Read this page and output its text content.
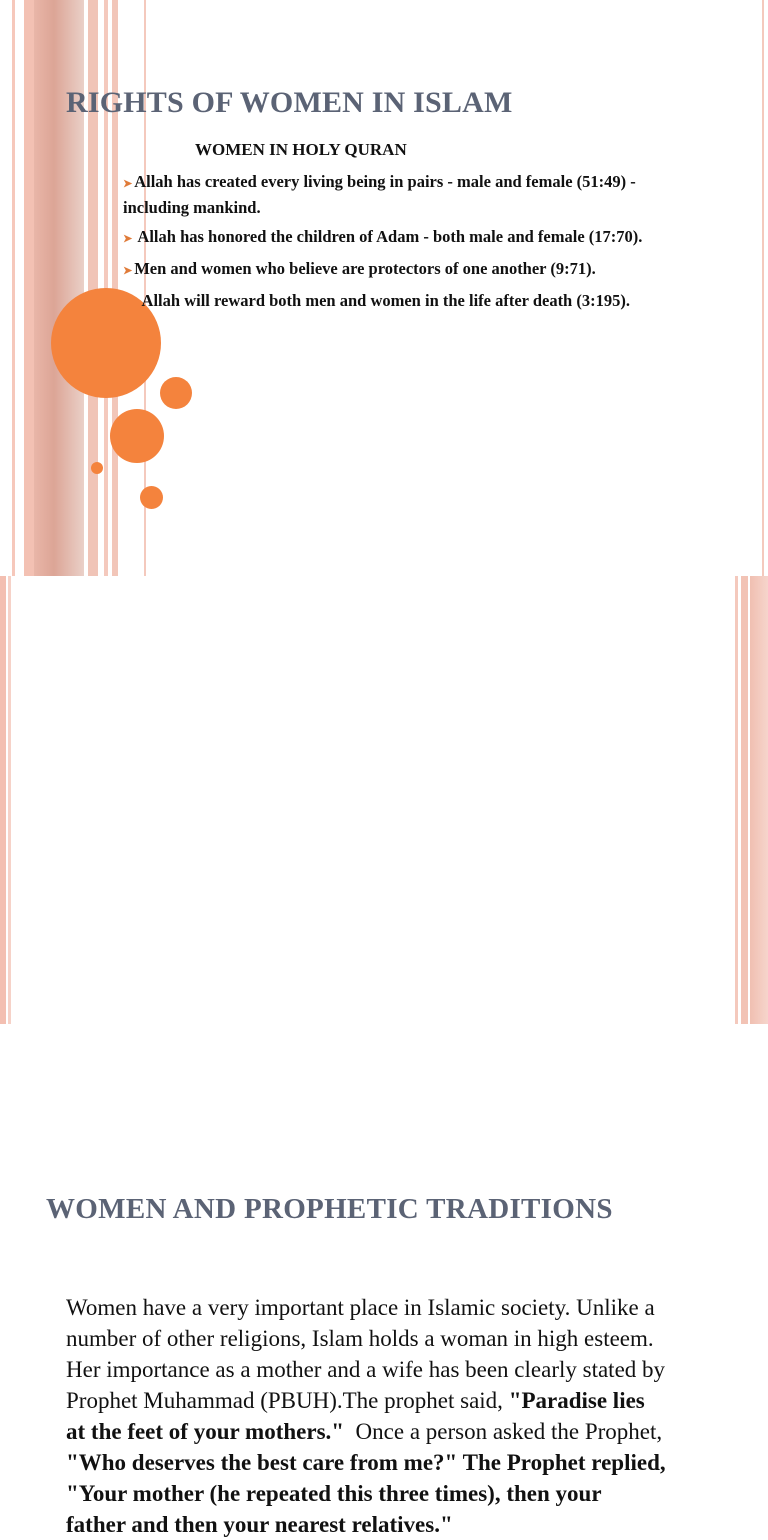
RIGHTS OF WOMEN IN ISLAM
WOMEN IN HOLY QURAN
➤ Allah has created every living being in pairs - male and female (51:49) -including mankind.
➤ Allah has honored the children of Adam - both male and female (17:70).
➤ Men and women who believe are protectors of one another (9:71).
Allah will reward both men and women in the life after death (3:195).
WOMEN AND PROPHETIC TRADITIONS

Women have a very important place in Islamic society. Unlike a number of other religions, Islam holds a woman in high esteem. Her importance as a mother and a wife has been clearly stated by Prophet Muhammad (PBUH).The prophet said, "Paradise lies at the feet of your mothers."  Once a person asked the Prophet, "Who deserves the best care from me?" The Prophet replied, "Your mother (he repeated this three times), then your father and then your nearest relatives."
